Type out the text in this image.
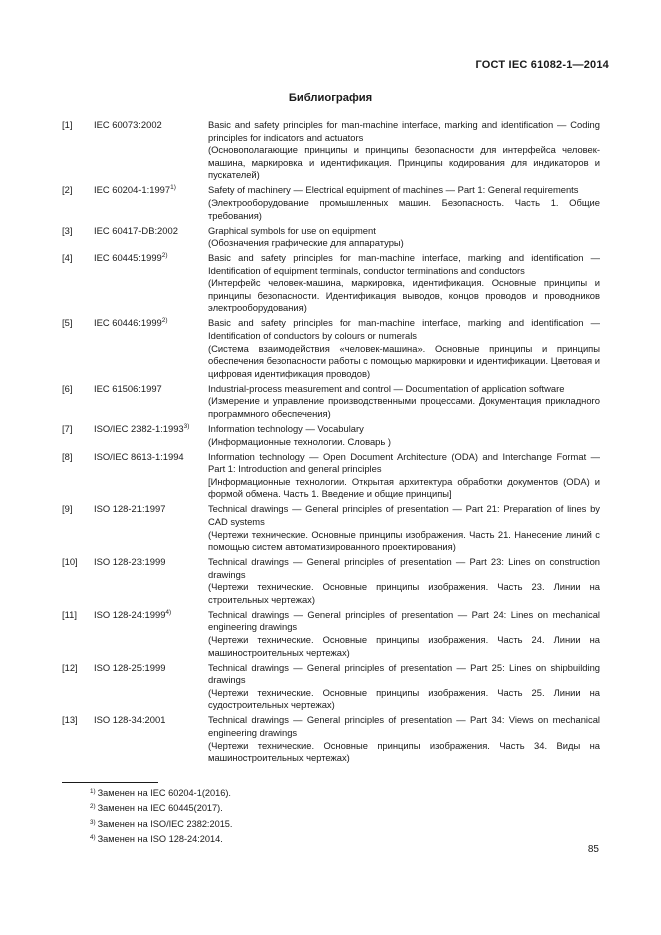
ГОСТ IEC 61082-1—2014
Библиография
[1]	IEC 60073:2002	Basic and safety principles for man-machine interface, marking and identification — Coding principles for indicators and actuators
(Основополагающие принципы и принципы безопасности для интерфейса человек-машина, маркировка и идентификация. Принципы кодирования для индикаторов и пускателей)
[2]	IEC 60204-1:1997$^{1)}$	Safety of machinery — Electrical equipment of machines — Part 1: General requirements
(Электрооборудование промышленных машин. Безопасность. Часть 1. Общие требования)
[3]	IEC 60417-DB:2002	Graphical symbols for use on equipment
(Обозначения графические для аппаратуры)
[4]	IEC 60445:1999$^{2)}$	Basic and safety principles for man-machine interface, marking and identification — Identification of equipment terminals, conductor terminations and conductors
(Интерфейс человек-машина, маркировка, идентификация. Основные принципы и принципы безопасности. Идентификация выводов, концов проводов и проводников электрооборудования)
[5]	IEC 60446:1999$^{2)}$	Basic and safety principles for man-machine interface, marking and identification — Identification of conductors by colours or numerals
(Система взаимодействия «человек-машина». Основные принципы и принципы обеспечения безопасности работы с помощью маркировки и идентификации. Цветовая и цифровая идентификация проводов)
[6]	IEC 61506:1997	Industrial-process measurement and control — Documentation of application software
(Измерение и управление производственными процессами. Документация прикладного программного обеспечения)
[7]	ISO/IEC 2382-1:1993$^{3)}$	Information technology — Vocabulary
(Информационные технологии. Словарь )
[8]	ISO/IEC 8613-1:1994	Information technology — Open Document Architecture (ODA) and Interchange Format — Part 1: Introduction and general principles
[Информационные технологии. Открытая архитектура обработки документов (ODA) и формой обмена. Часть 1. Введение и общие принципы]
[9]	ISO 128-21:1997	Technical drawings — General principles of presentation — Part 21: Preparation of lines by CAD systems
(Чертежи технические. Основные принципы изображения. Часть 21. Нанесение линий с помощью систем автоматизированного проектирования)
[10]	ISO 128-23:1999	Technical drawings — General principles of presentation — Part 23: Lines on construction drawings
(Чертежи технические. Основные принципы изображения. Часть 23. Линии на строительных чертежах)
[11]	ISO 128-24:1999$^{4)}$	Technical drawings — General principles of presentation — Part 24: Lines on mechanical engineering drawings
(Чертежи технические. Основные принципы изображения. Часть 24. Линии на машиностроительных чертежах)
[12]	ISO 128-25:1999	Technical drawings — General principles of presentation — Part 25: Lines on shipbuilding drawings
(Чертежи технические. Основные принципы изображения. Часть 25. Линии на судостроительных чертежах)
[13]	ISO 128-34:2001	Technical drawings — General principles of presentation — Part 34: Views on mechanical engineering drawings
(Чертежи технические. Основные принципы изображения. Часть 34. Виды на машиностроительных чертежах)
$^{1)}$ Заменен на IEC 60204-1(2016).
$^{2)}$ Заменен на IEC 60445(2017).
$^{3)}$ Заменен на ISO/IEC 2382:2015.
$^{4)}$ Заменен на ISO 128-24:2014.
85
